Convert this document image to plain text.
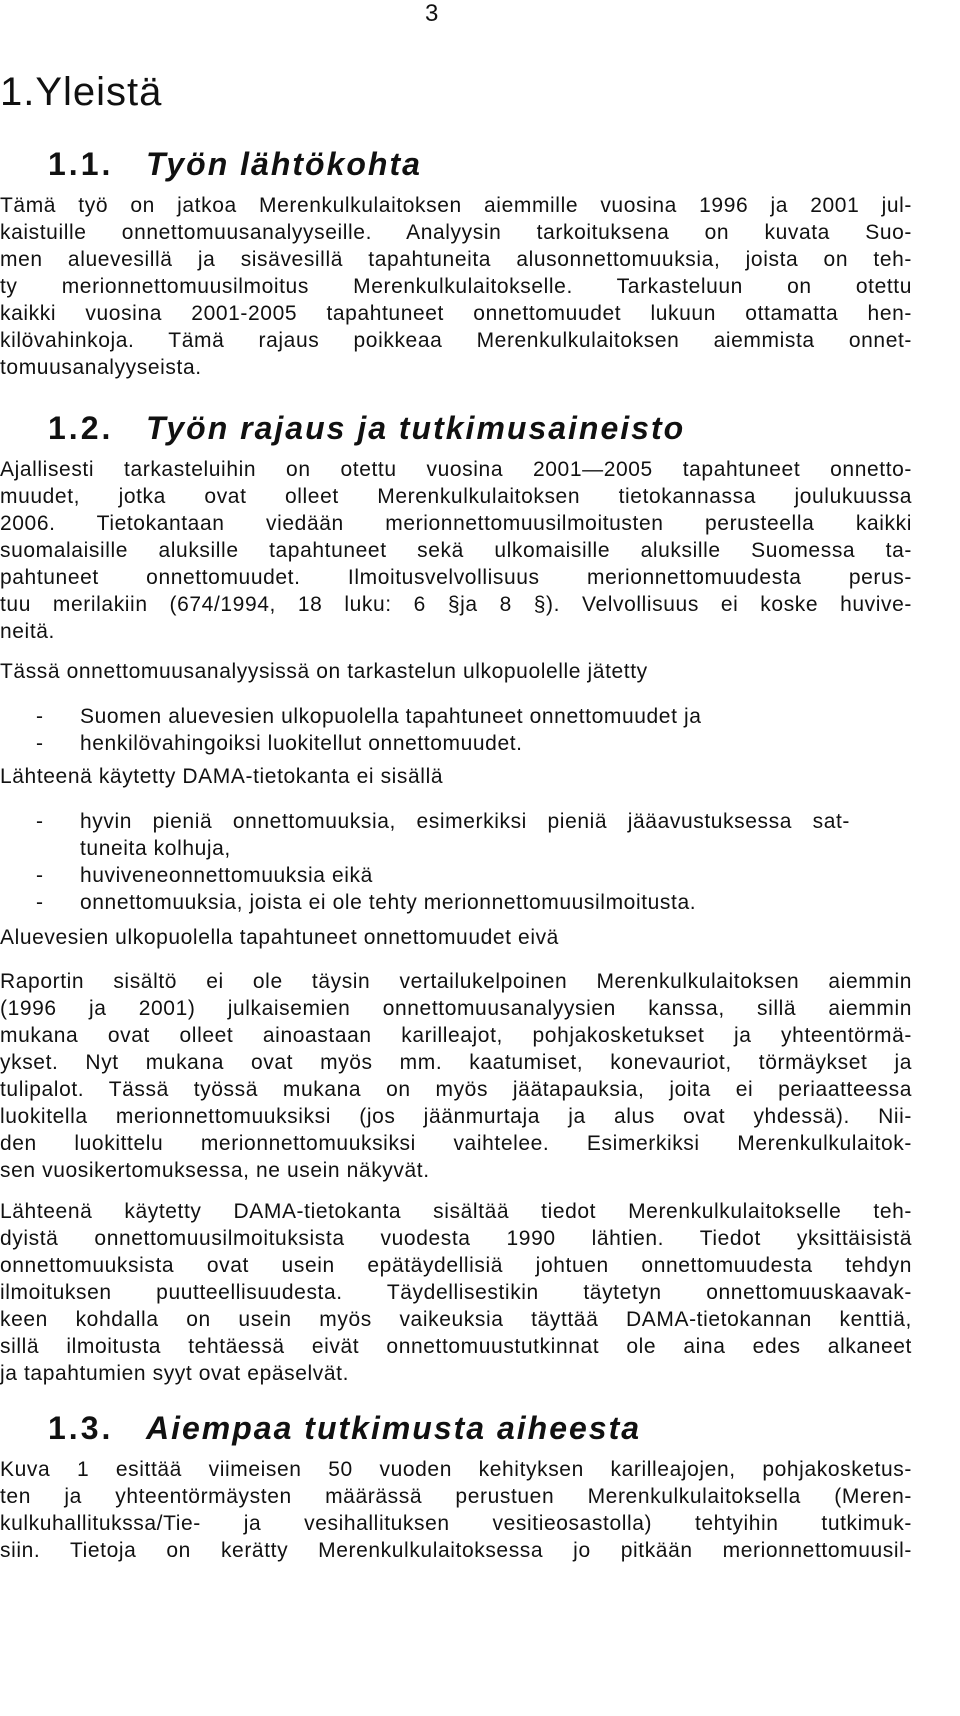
3
1.Yleistä
1.1. Työn lähtökohta
Tämä työ on jatkoa Merenkulkulaitoksen aiemmille vuosina 1996 ja 2001 jul-
kaistuille onnettomuusanalyyseille. Analyysin tarkoituksena on kuvata Suo-
men aluevesillä ja sisävesillä tapahtuneita alusonnettomuuksia, joista on teh-
ty merionnettomuusilmoitus Merenkulkulaitokselle. Tarkasteluun on otettu
kaikki vuosina 2001-2005 tapahtuneet onnettomuudet lukuun ottamatta hen-
kilövahinkoja. Tämä rajaus poikkeaa Merenkulkulaitoksen aiemmista onnet-
tomuusanalyyseista.
1.2. Työn rajaus ja tutkimusaineisto
Ajallisesti tarkasteluihin on otettu vuosina 2001—2005 tapahtuneet onnetto-
muudet, jotka ovat olleet Merenkulkulaitoksen tietokannassa joulukuussa
2006. Tietokantaan viedään merionnettomuusilmoitusten perusteella kaikki
suomalaisille aluksille tapahtuneet sekä ulkomaisille aluksille Suomessa ta-
pahtuneet onnettomuudet. Ilmoitusvelvollisuus merionnettomuudesta perus-
tuu merilakiin (674/1994, 18 luku: 6 §ja 8 §). Velvollisuus ei koske huvive-
neitä.
Tässä onnettomuusanalyysissä on tarkastelun ulkopuolelle jätetty
- Suomen aluevesien ulkopuolella tapahtuneet onnettomuudet ja
- henkilövahingoiksi luokitellut onnettomuudet.
Lähteenä käytetty DAMA-tietokanta ei sisällä
- hyvin pieniä onnettomuuksia, esimerkiksi pieniä jääavustuksessa sat-
tuneita kolhuja,
- huviveneonnettomuuksia eikä
- onnettomuuksia, joista ei ole tehty merionnettomuusilmoitusta.
Aluevesien ulkopuolella tapahtuneet onnettomuudet eivä
Raportin sisältö ei ole täysin vertailukelpoinen Merenkulkulaitoksen aiemmin
(1996 ja 2001) julkaisemien onnettomuusanalyysien kanssa, sillä aiemmin
mukana ovat olleet ainoastaan karilleajot, pohjakosketukset ja yhteentörmä-
ykset. Nyt mukana ovat myös mm. kaatumiset, konevauriot, törmäykset ja
tulipalot. Tässä työssä mukana on myös jäätapauksia, joita ei periaatteessa
luokitella merionnettomuuksiksi (jos jäänmurtaja ja alus ovat yhdessä). Nii-
den luokittelu merionnettomuuksiksi vaihtelee. Esimerkiksi Merenkulkulaitok-
sen vuosikertomuksessa, ne usein näkyvät.
Lähteenä käytetty DAMA-tietokanta sisältää tiedot Merenkulkulaitokselle teh-
dyistä onnettomuusilmoituksista vuodesta 1990 lähtien. Tiedot yksittäisistä
onnettomuuksista ovat usein epätäydellisiä johtuen onnettomuudesta tehdyn
ilmoituksen puutteellisuudesta. Täydellisestikin täytetyn onnettomuuskaavak-
keen kohdalla on usein myös vaikeuksia täyttää DAMA-tietokannan kenttiä,
sillä ilmoitusta tehtäessä eivät onnettomuustutkinnat ole aina edes alkaneet
ja tapahtumien syyt ovat epäselvät.
1.3. Aiempaa tutkimusta aiheesta
Kuva 1 esittää viimeisen 50 vuoden kehityksen karilleajojen, pohjakosketus-
ten ja yhteentörmäysten määrässä perustuen Merenkulkulaitoksella (Meren-
kulkuhallitukssa/Tie- ja vesihallituksen vesitieosastolla) tehtyihin tutkimuk-
siin. Tietoja on kerätty Merenkulkulaitoksessa jo pitkään merionnettomuusil-
